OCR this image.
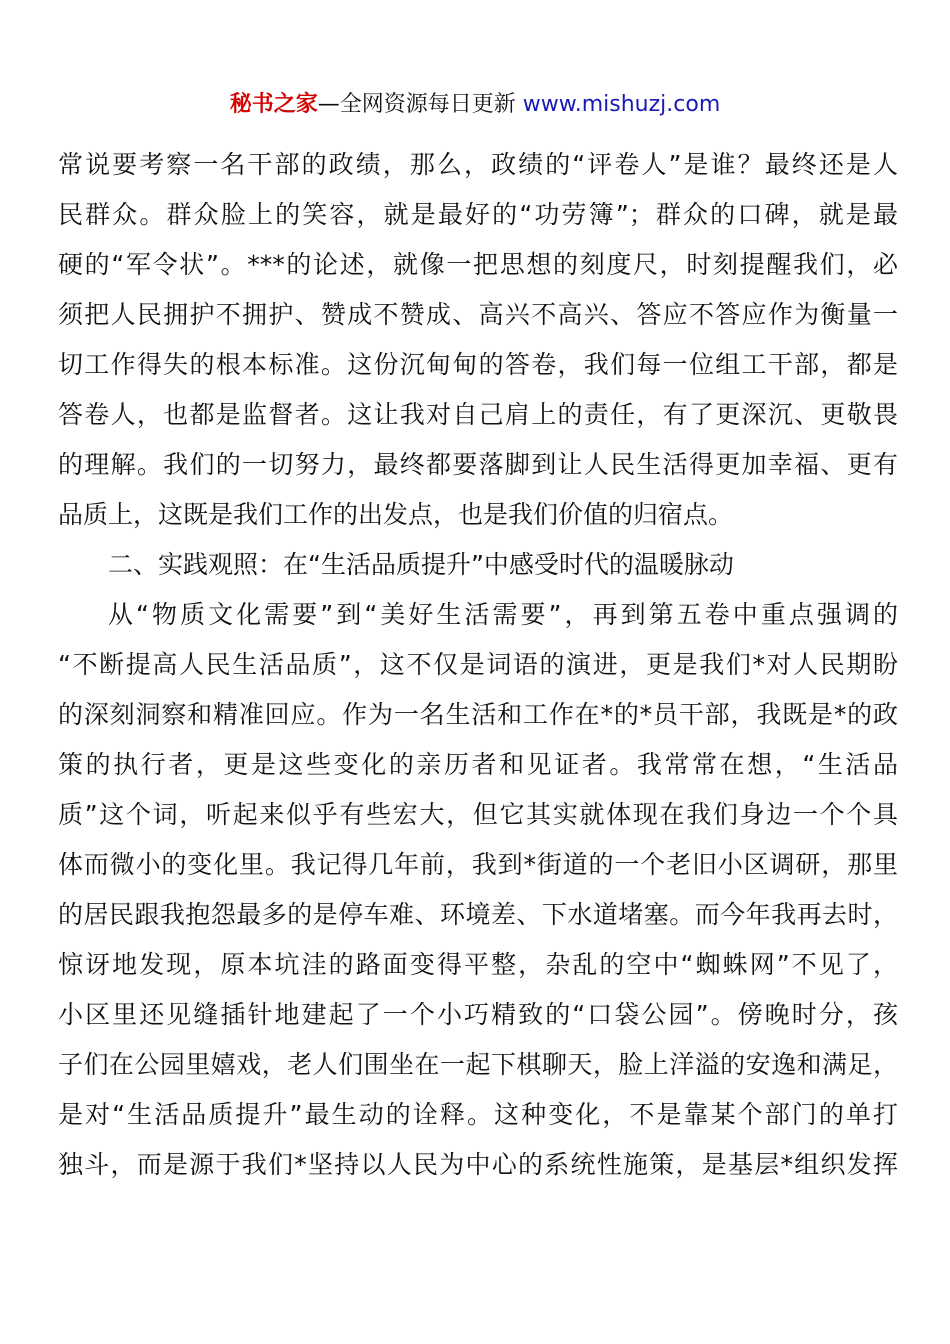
秘书之家—全网资源每日更新 www.mishuzj.com
常说要考察一名干部的政绩，那么，政绩的“评卷人”是谁？最终还是人
民群众。群众脸上的笑容，就是最好的“功劳簿”；群众的口碑，就是最
硬的“军令状”。***的论述，就像一把思想的刻度尺，时刻提醒我们，必
须把人民拥护不拥护、赞成不赞成、高兴不高兴、答应不答应作为衡量一
切工作得失的根本标准。这份沉甸甸的答卷，我们每一位组工干部，都是
答卷人，也都是监督者。这让我对自己肩上的责任，有了更深沉、更敬畏
的理解。我们的一切努力，最终都要落脚到让人民生活得更加幸福、更有
品质上，这既是我们工作的出发点，也是我们价值的归宿点。
二、实践观照：在“生活品质提升”中感受时代的温暖脉动
从“物质文化需要”到“美好生活需要”，再到第五卷中重点强调的
“不断提高人民生活品质”，这不仅是词语的演进，更是我们*对人民期盼
的深刻洞察和精准回应。作为一名生活和工作在*的*员干部，我既是*的政
策的执行者，更是这些变化的亲历者和见证者。我常常在想，“生活品
质”这个词，听起来似乎有些宏大，但它其实就体现在我们身边一个个具
体而微小的变化里。我记得几年前，我到*街道的一个老旧小区调研，那里
的居民跟我抱怨最多的是停车难、环境差、下水道堵塞。而今年我再去时，
惊讶地发现，原本坑洼的路面变得平整，杂乱的空中“蜘蛛网”不见了，
小区里还见缝插针地建起了一个小巧精致的“口袋公园”。傍晚时分，孩
子们在公园里嬉戏，老人们围坐在一起下棋聊天，脸上洋溢的安逸和满足，
是对“生活品质提升”最生动的诠释。这种变化，不是靠某个部门的单打
独斗，而是源于我们*坚持以人民为中心的系统性施策，是基层*组织发挥
